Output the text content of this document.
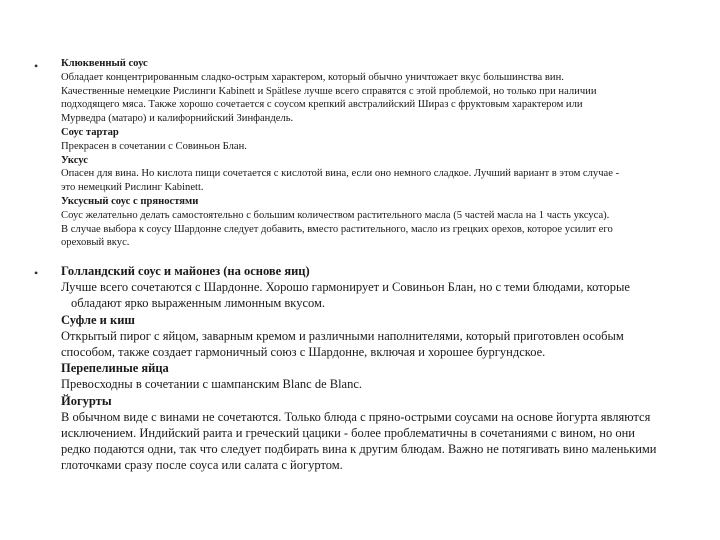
• Клюквенный соус
Обладает концентрированным сладко-острым характером, который обычно уничтожает вкус большинства вин.
Качественные немецкие Рислинги Kabinett и Spätlese лучше всего справятся с этой проблемой, но только при наличии
подходящего мяса. Также хорошо сочетается с соусом крепкий австралийский Шираз с фруктовым характером или
Мурведра (матаро) и калифорнийский Зинфандель.
Соус тартар
Прекрасен в сочетании с Совиньон Блан.
Уксус
Опасен для вина. Но кислота пищи сочетается с кислотой вина, если оно немного сладкое. Лучший вариант в этом случае -
это немецкий Рислинг Kabinett.
Уксусный соус с пряностями
Соус желательно делать самостоятельно с большим количеством растительного масла (5 частей масла на 1 часть уксуса).
В случае выбора к соусу Шардонне следует добавить, вместо растительного, масло из грецких орехов, которое усилит его
ореховый вкус.
• Голландский соус и майонез (на основе яиц)
Лучше всего сочетаются с Шардонне. Хорошо гармонирует и Совиньон Блан, но с теми блюдами, которые
обладают ярко выраженным лимонным вкусом.
Суфле и киш
Открытый пирог с яйцом, заварным кремом и различными наполнителями, который приготовлен особым
способом, также создает гармоничный союз с Шардонне, включая и хорошее бургундское.
Перепелиные яйца
Превосходны в сочетании с шампанским Blanc de Blanc.
Йогурты
В обычном виде с винами не сочетаются. Только блюда с пряно-острыми соусами на основе йогурта являются
исключением. Индийский раита и греческий цацики - более проблематичны в сочетаниями с вином, но они
редко подаются одни, так что следует подбирать вина к другим блюдам. Важно не потягивать вино маленькими
глоточками сразу после соуса или салата с йогуртом.
